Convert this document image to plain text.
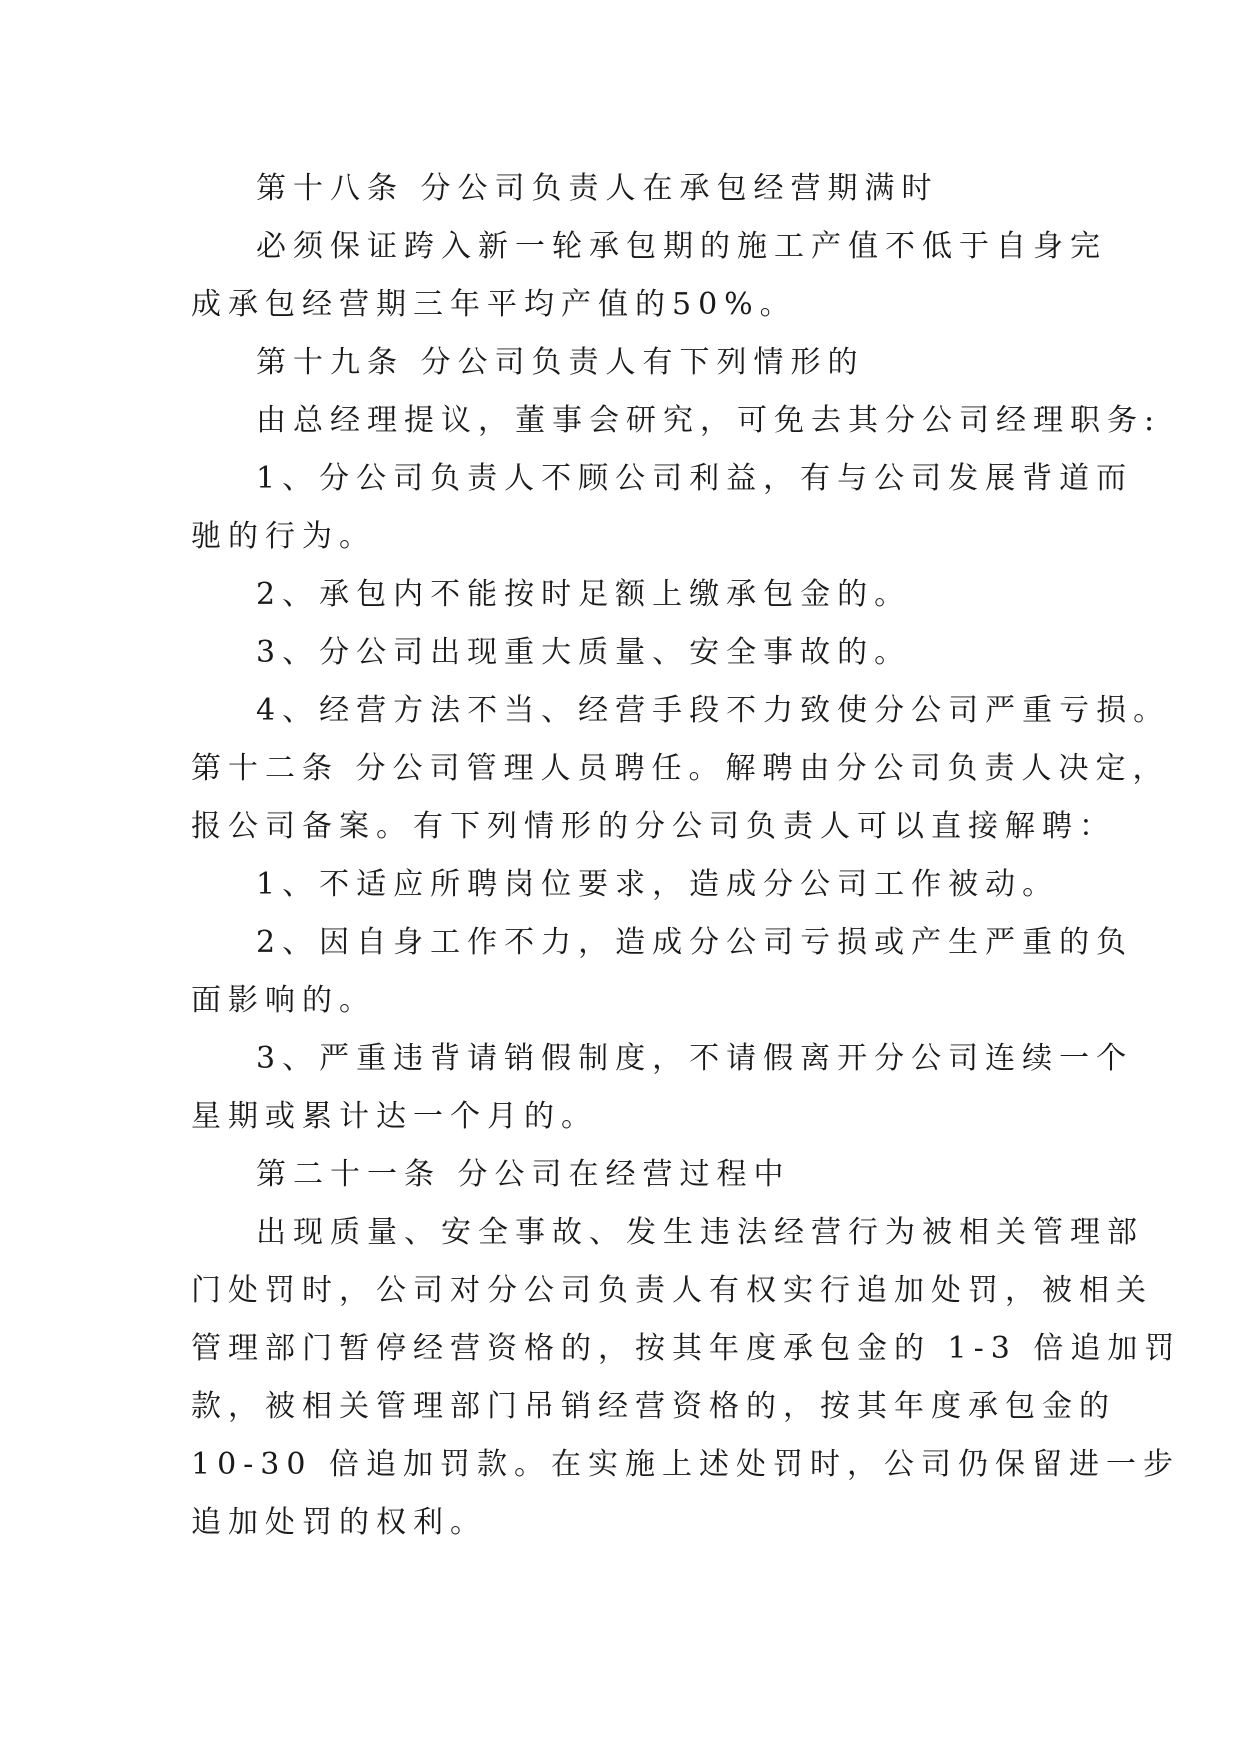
第十八条 分公司负责人在承包经营期满时
必须保证跨入新一轮承包期的施工产值不低于自身完
成承包经营期三年平均产值的50%。
第十九条 分公司负责人有下列情形的
由总经理提议，董事会研究，可免去其分公司经理职务:
1、分公司负责人不顾公司利益，有与公司发展背道而
驰的行为。
2、承包内不能按时足额上缴承包金的。
3、分公司出现重大质量、安全事故的。
4、经营方法不当、经营手段不力致使分公司严重亏损。
第十二条 分公司管理人员聘任。解聘由分公司负责人决定，
报公司备案。有下列情形的分公司负责人可以直接解聘：
1、不适应所聘岗位要求，造成分公司工作被动。
2、因自身工作不力，造成分公司亏损或产生严重的负
面影响的。
3、严重违背请销假制度，不请假离开分公司连续一个
星期或累计达一个月的。
第二十一条 分公司在经营过程中
出现质量、安全事故、发生违法经营行为被相关管理部
门处罚时，公司对分公司负责人有权实行追加处罚，被相关
管理部门暂停经营资格的，按其年度承包金的 1-3 倍追加罚
款，被相关管理部门吊销经营资格的，按其年度承包金的
10-30 倍追加罚款。在实施上述处罚时，公司仍保留进一步
追加处罚的权利。
